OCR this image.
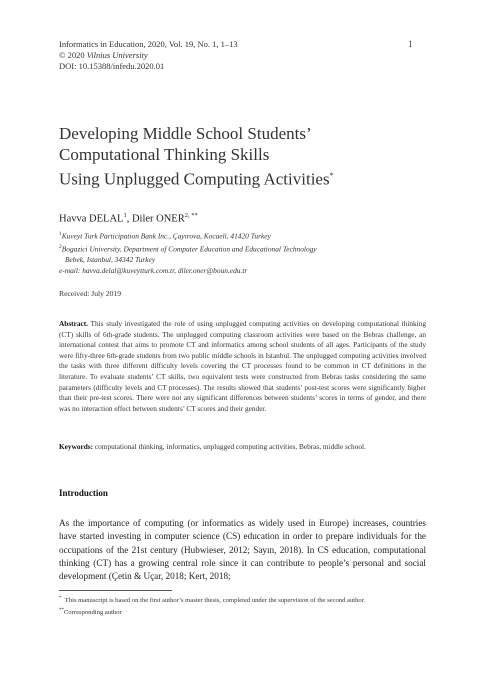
Informatics in Education, 2020, Vol. 19, No. 1, 1–13
© 2020 Vilnius University
DOI: 10.15388/infedu.2020.01
1
Developing Middle School Students’
Computational Thinking Skills
Using Unplugged Computing Activities*
Havva DELAL$^1$, Diler $ONER^{2, **}$
$^1$Kuveyt Turk Participation Bank Inc., Çayırova, Kocaeli, 41420 Turkey
$^2$Bogazici University, Department of Computer Education and Educational Technology
Bebek, Istanbul, 34342 Turkey
e-mail: havva.delal@kuveytturk.com.tr, diler.oner@boun.edu.tr
Received: July 2019
Abstract. This study investigated the role of using unplugged computing activities on developing computational thinking (CT) skills of 6th-grade students. The unplugged computing classroom activities were based on the Bebras challenge, an international contest that aims to promote CT and informatics among school students of all ages. Participants of the study were fifty-three 6th-grade students from two public middle schools in Istanbul. The unplugged computing activities involved the tasks with three different difficulty levels covering the CT processes found to be common in CT definitions in the literature. To evaluate students’ CT skills, two equivalent tests were constructed from Bebras tasks considering the same parameters (difficulty levels and CT processes). The results showed that students’ post-test scores were significantly higher than their pre-test scores. There were not any significant differences between students’ scores in terms of gender, and there was no interaction effect between students’ CT scores and their gender.
Keywords: computational thinking, informatics, unplugged computing activities, Bebras, middle school.
Introduction
As the importance of computing (or informatics as widely used in Europe) increases, countries have started investing in computer science (CS) education in order to prepare individuals for the occupations of the 21st century (Hubwieser, 2012; Sayın, 2018). In CS education, computational thinking (CT) has a growing central role since it can contribute to people’s personal and social development (Çetin & Uçar, 2018; Kert, 2018;
* This manuscript is based on the first author’s master thesis, completed under the supervision of the second author.
**Corresponding author
